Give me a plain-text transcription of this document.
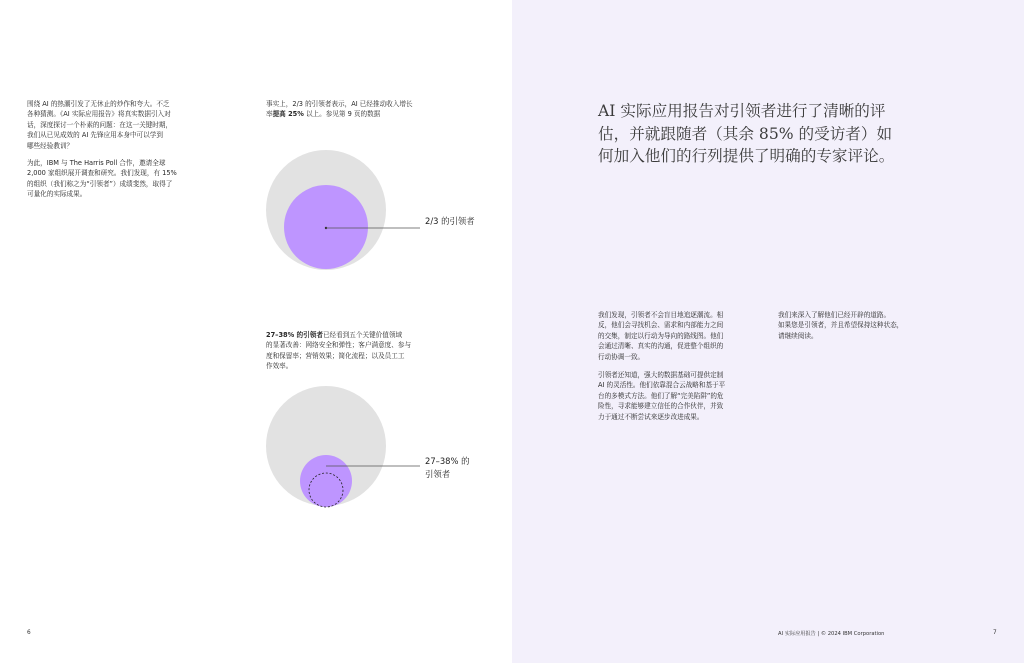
围绕 AI 的热潮引发了无休止的炒作和夸大。不乏
各种猜测。《AI 实际应用报告》将真实数据引入对
话，深度探讨一个朴素的问题：在这一关键时期，
我们从已见成效的 AI 先锋应用本身中可以学到
哪些经验教训？
为此，IBM 与 The Harris Poll 合作，邀请全球
2,000 家组织展开调查和研究。我们发现，有 15%
的组织（我们称之为“引领者”）成绩斐然，取得了
可量化的实际成果。
事实上，2/3 的引领者表示，AI 已经推动收入增长
率提高 25% 以上。参见第 9 页的数据
27–38% 的引领者已经看到五个关键价值领域
的显著改善：网络安全和弹性；客户满意度、参与
度和保留率；营销效果；简化流程；以及员工工
作效率。
2/3 的引领者
27–38% 的
引领者
6
AI 实际应用报告对引领者进行了清晰的评估，并就跟随者（其余 85% 的受访者）如何加入他们的行列提供了明确的专家评论。
我们发现，引领者不会盲目地追逐潮流。相
反，他们会寻找机会、需求和内部能力之间
的交集，制定以行动为导向的路线图。他们
会通过清晰、真实的沟通，促进整个组织的
行动协调一致。
引领者还知道，强大的数据基础可提供定制
AI 的灵活性。他们依靠混合云战略和基于平
台的多模式方法。他们了解“完美陷阱”的危
险性，寻求能够建立信任的合作伙伴，并致
力于通过不断尝试来逐步改进成果。
我们来深入了解他们已经开辟的道路。
如果您是引领者，并且希望保持这种状态，
请继续阅读。
AI 实际应用报告 | © 2024 IBM Corporation	7
